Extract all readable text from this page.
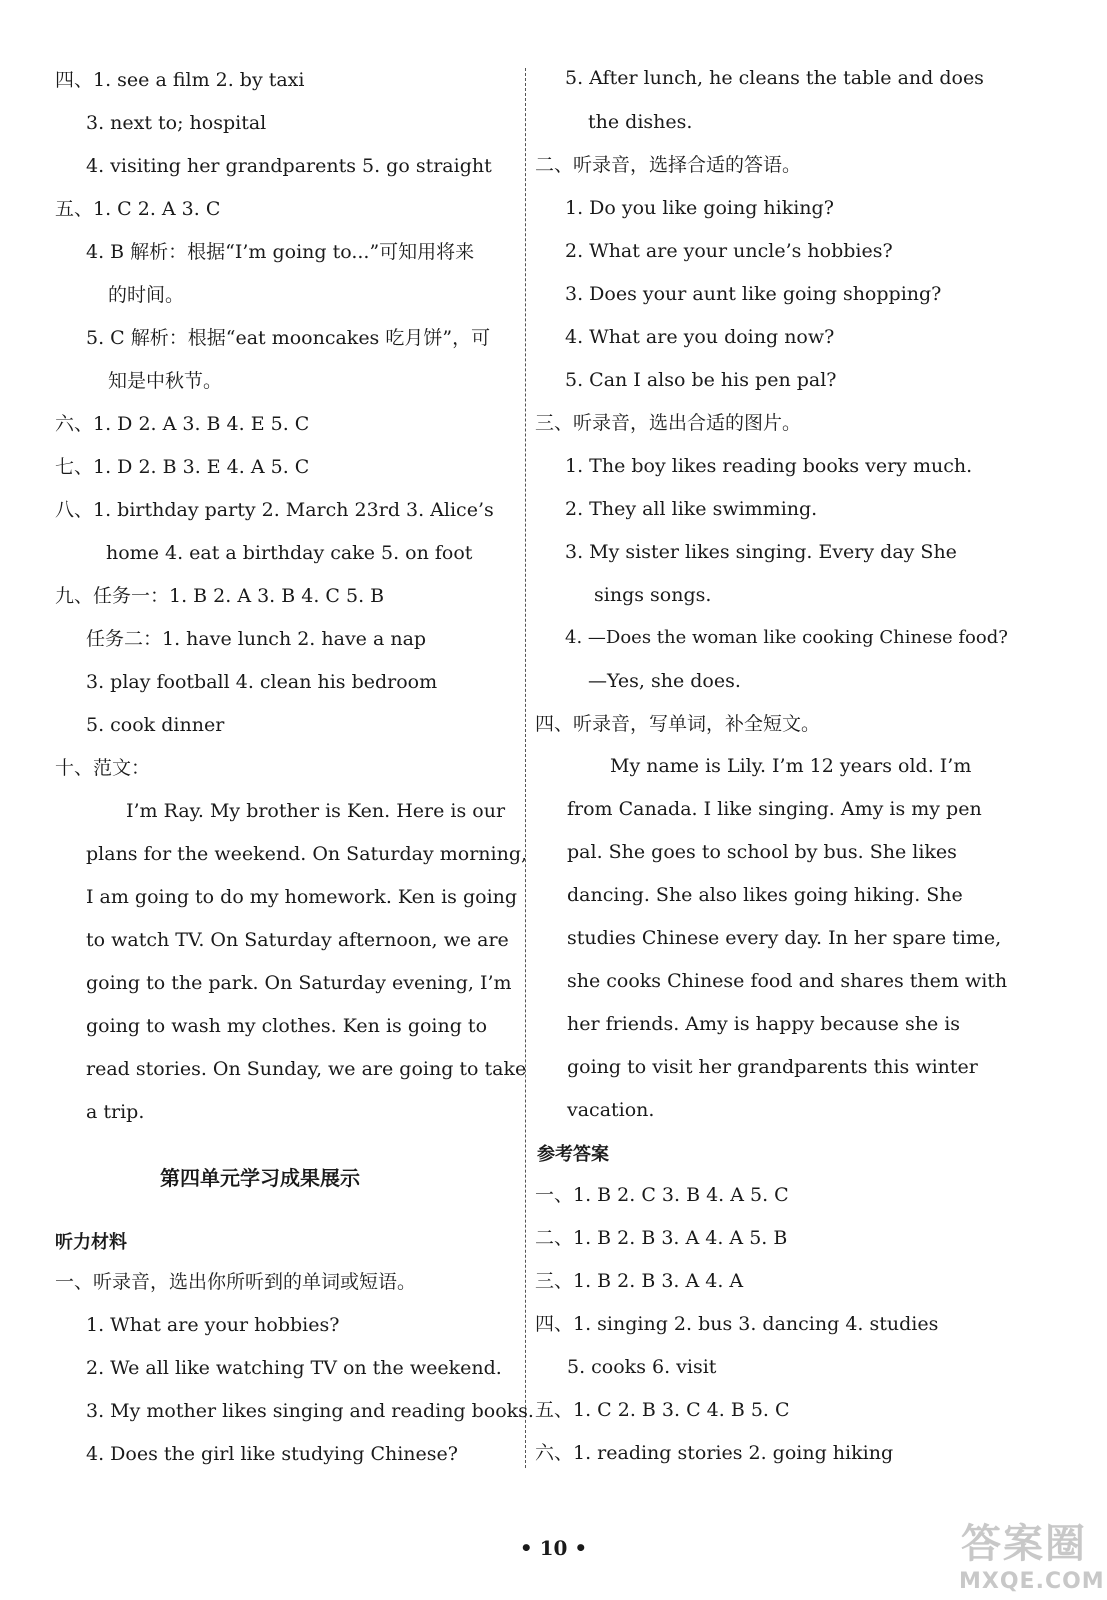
四、1. see a film 2. by taxi
3. next to; hospital
4. visiting her grandparents 5. go straight
五、1. C 2. A 3. C
4. B 解析：根据“I’m going to...”可知用将来
的时间。
5. C 解析：根据“eat mooncakes 吃月饼”，可
知是中秋节。
六、1. D 2. A 3. B 4. E 5. C
七、1. D 2. B 3. E 4. A 5. C
八、1. birthday party 2. March 23rd 3. Alice’s
home 4. eat a birthday cake 5. on foot
九、任务一：1. B 2. A 3. B 4. C 5. B
任务二：1. have lunch 2. have a nap
3. play football 4. clean his bedroom
5. cook dinner
十、范文：
I’m Ray. My brother is Ken. Here is our
plans for the weekend. On Saturday morning,
I am going to do my homework. Ken is going
to watch TV. On Saturday afternoon, we are
going to the park. On Saturday evening, I’m
going to wash my clothes. Ken is going to
read stories. On Sunday, we are going to take
a trip.
第四单元学习成果展示
听力材料
一、听录音，选出你所听到的单词或短语。
1. What are your hobbies?
2. We all like watching TV on the weekend.
3. My mother likes singing and reading books.
4. Does the girl like studying Chinese?
5. After lunch, he cleans the table and does
the dishes.
二、听录音，选择合适的答语。
1. Do you like going hiking?
2. What are your uncle’s hobbies?
3. Does your aunt like going shopping?
4. What are you doing now?
5. Can I also be his pen pal?
三、听录音，选出合适的图片。
1. The boy likes reading books very much.
2. They all like swimming.
3. My sister likes singing. Every day She
sings songs.
4. —Does the woman like cooking Chinese food?
—Yes, she does.
四、听录音，写单词，补全短文。
My name is Lily. I’m 12 years old. I’m
from Canada. I like singing. Amy is my pen
pal. She goes to school by bus. She likes
dancing. She also likes going hiking. She
studies Chinese every day. In her spare time,
she cooks Chinese food and shares them with
her friends. Amy is happy because she is
going to visit her grandparents this winter
vacation.
参考答案
一、1. B 2. C 3. B 4. A 5. C
二、1. B 2. B 3. A 4. A 5. B
三、1. B 2. B 3. A 4. A
四、1. singing 2. bus 3. dancing 4. studies
5. cooks 6. visit
五、1. C 2. B 3. C 4. B 5. C
六、1. reading stories 2. going hiking
• 10 •	答案圈
MXQE.COM
